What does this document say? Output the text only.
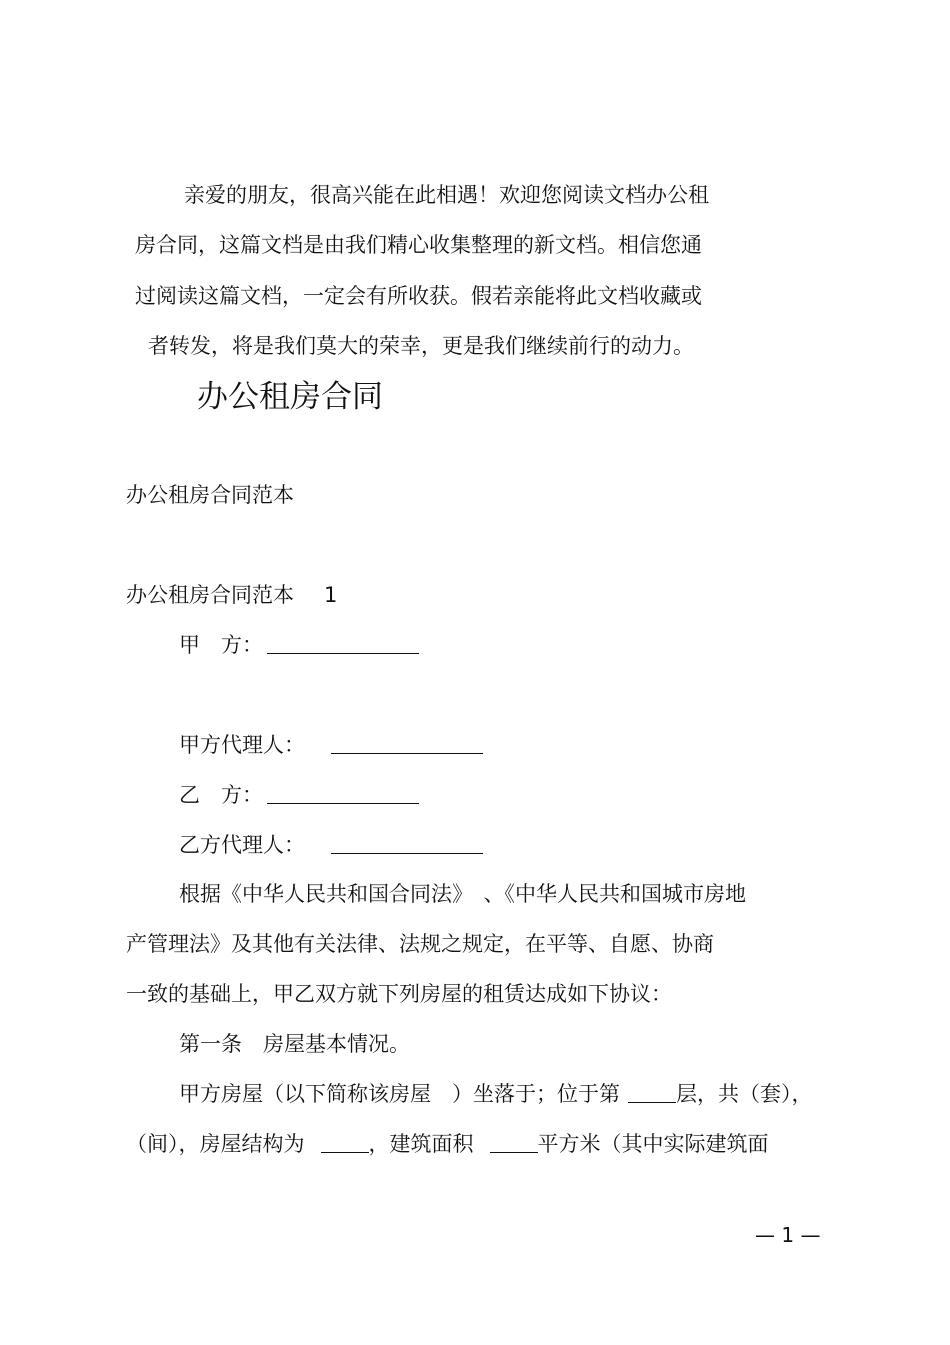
亲爱的朋友，很高兴能在此相遇！欢迎您阅读文档办公租
房合同，这篇文档是由我们精心收集整理的新文档。相信您通
过阅读这篇文档，一定会有所收获。假若亲能将此文档收藏或
者转发，将是我们莫大的荣幸，更是我们继续前行的动力。
办公租房合同
办公租房合同范本
办公租房合同范本 1
甲　方：
甲方代理人：
乙　方：
乙方代理人：
根据《中华人民共和国合同法》　、《中华人民共和国城市房地
产管理法》及其他有关法律、法规之规定，在平等、自愿、协商
一致的基础上，甲乙双方就下列房屋的租赁达成如下协议：
第一条　房屋基本情况。
甲方房屋（以下简称该房屋　）坐落于；位于第	层，共（套），
（间），房屋结构为	，建筑面积	平方米（其中实际建筑面
— 1 —
